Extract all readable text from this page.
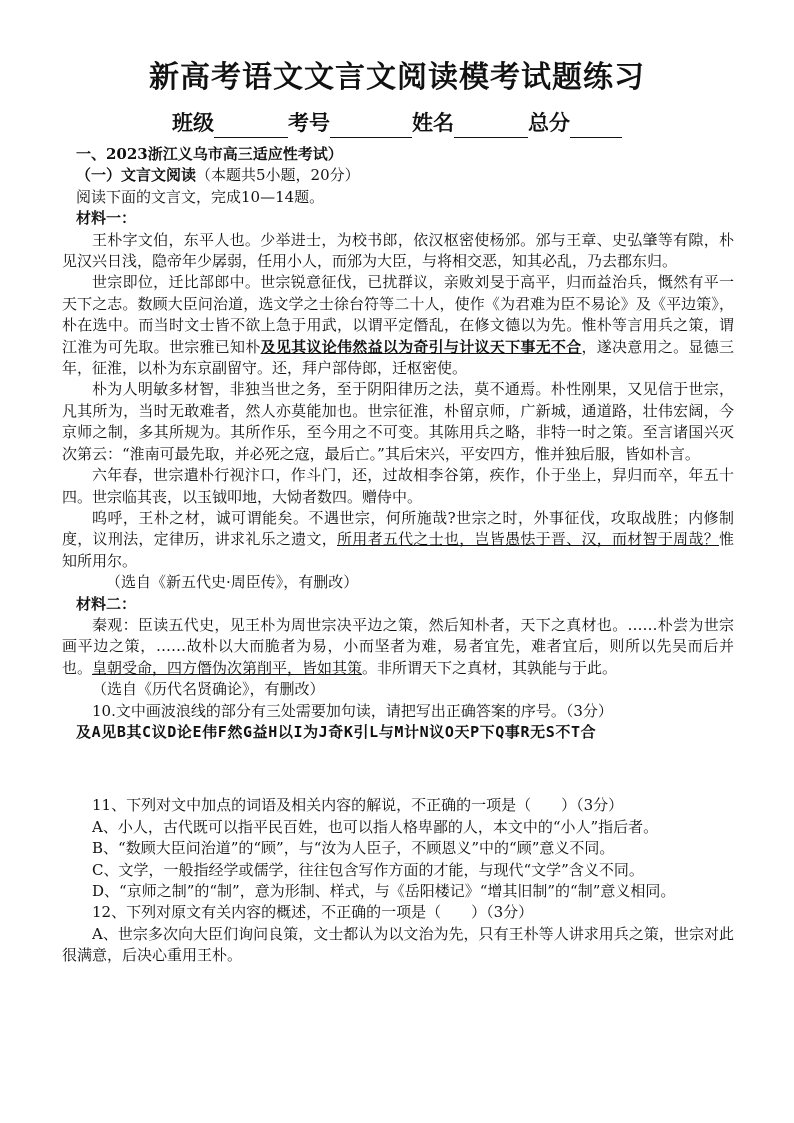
新高考语文文言文阅读模考试题练习
班级	考号	姓名	总分

一、2023浙江义乌市高三适应性考试）

（一）文言文阅读（本题共5小题，20分）

阅读下面的文言文，完成10—14题。

材料一：

王朴字文伯，东平人也。少举进士，为校书郎，依汉枢密使杨邠。邠与王章、史弘肇等有隙，朴见汉兴日浅，隐帝年少孱弱，任用小人，而邠为大臣，与将相交恶，知其必乱，乃去郡东归。

世宗即位，迁比部郎中。世宗锐意征伐，已扰群议，亲败刘旻于高平，归而益治兵，慨然有平一天下之志。数顾大臣问治道，选文学之士徐台符等二十人，使作《为君难为臣不易论》及《平边策》，朴在选中。而当时文士皆不欲上急于用武，以谓平定僭乱，在修文德以为先。惟朴等言用兵之策，谓江淮为可先取。世宗雅已知朴及见其议论伟然益以为奇引与计议天下事无不合，遂决意用之。显德三年，征淮，以朴为东京副留守。还，拜户部侍郎，迁枢密使。

朴为人明敏多材智，非独当世之务，至于阴阳律历之法，莫不通焉。朴性刚果，又见信于世宗，凡其所为，当时无敢难者，然人亦莫能加也。世宗征淮，朴留京师，广新城，通道路，壮伟宏阔，今京师之制，多其所规为。其所作乐，至今用之不可变。其陈用兵之略，非特一时之策。至言诸国兴灭次第云：“淮南可最先取，并必死之寇，最后亡。”其后宋兴，平安四方，惟并独后服，皆如朴言。

六年春，世宗遣朴行视汴口，作斗门，还，过故相李谷第，疾作，仆于坐上，舁归而卒，年五十四。世宗临其丧，以玉钺叩地，大恸者数四。赠侍中。

呜呼，王朴之材，诚可谓能矣。不遇世宗，何所施哉?世宗之时，外事征伐，攻取战胜；内修制度，议刑法，定律历，讲求礼乐之遗文，所用者五代之士也，岂皆愚怯于晋、汉，而材智于周哉？惟知所用尔。

（选自《新五代史·周臣传》，有删改）

材料二：

秦观：臣读五代史，见王朴为周世宗决平边之策，然后知朴者，天下之真材也。……朴尝为世宗画平边之策，……故朴以大而脆者为易，小而坚者为难，易者宜先，难者宜后，则所以先吴而后并也。皇朝受命，四方僭伪次第削平，皆如其策。非所谓天下之真材，其孰能与于此。

（选自《历代名贤确论》，有删改）

10.文中画波浪线的部分有三处需要加句读，请把写出正确答案的序号。（3分）

及A见B其C议D论E伟F然G益H以I为J奇K引L与M计N议O天P下Q事R无S不T合

11、下列对文中加点的词语及相关内容的解说，不正确的一项是（　　）（3分）

A、小人，古代既可以指平民百姓，也可以指人格卑鄙的人，本文中的“小人”指后者。

B、“数顾大臣问治道”的“顾”，与“汝为人臣子，不顾恩义”中的“顾”意义不同。

C、文学，一般指经学或儒学，往往包含写作方面的才能，与现代“文学”含义不同。

D、“京师之制”的“制”，意为形制、样式，与《岳阳楼记》“增其旧制”的“制”意义相同。

12、下列对原文有关内容的概述，不正确的一项是（　　）（3分）

A、世宗多次向大臣们询问良策，文士都认为以文治为先，只有王朴等人讲求用兵之策，世宗对此很满意，后决心重用王朴。
